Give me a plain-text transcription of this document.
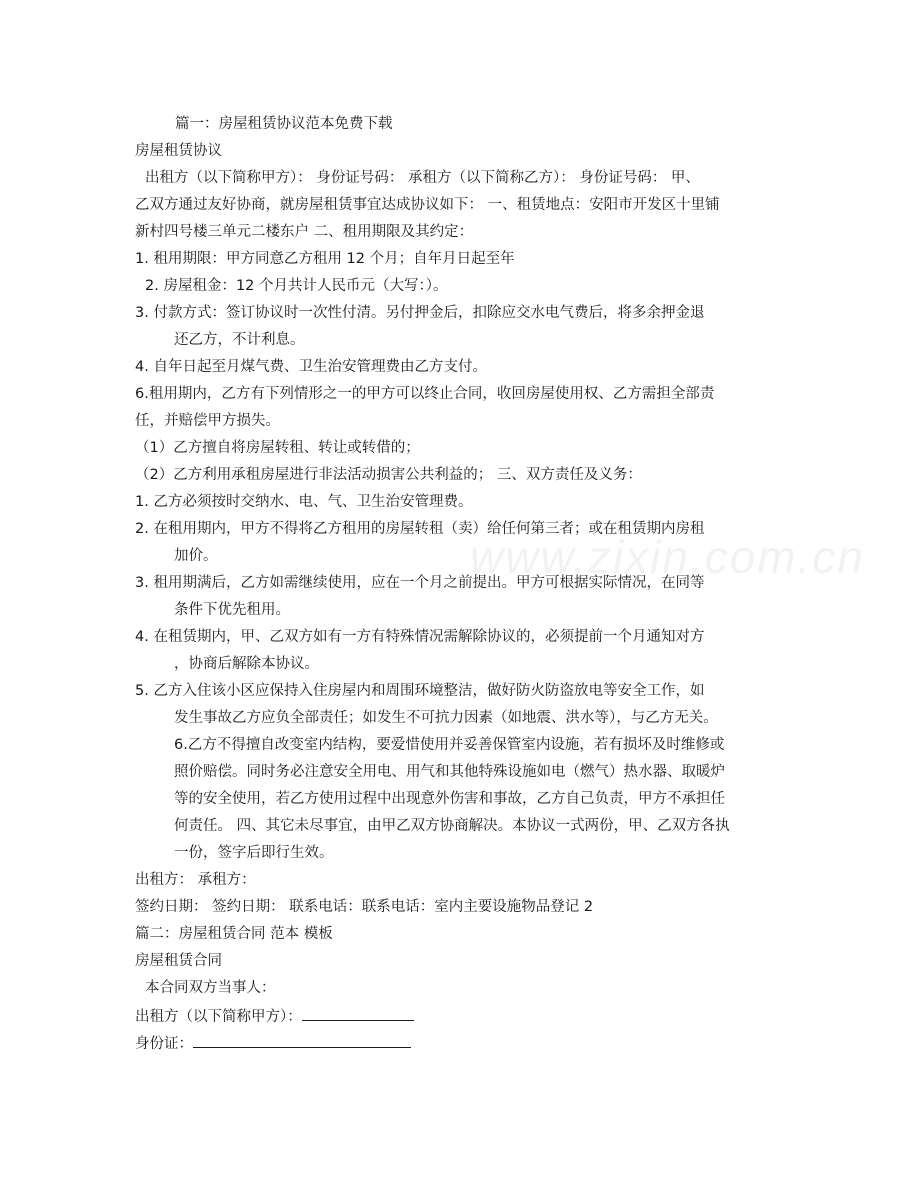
www.zixin.com.cn
篇一：房屋租赁协议范本免费下载
房屋租赁协议
出租方（以下简称甲方）： 身份证号码： 承租方（以下简称乙方）： 身份证号码： 甲、
乙双方通过友好协商，就房屋租赁事宜达成协议如下： 一、租赁地点：安阳市开发区十里铺
新村四号楼三单元二楼东户 二、租用期限及其约定：
1. 租用期限：甲方同意乙方租用 12 个月；自年月日起至年
2. 房屋租金：12 个月共计人民币元（大写：）。
3. 付款方式：签订协议时一次性付清。另付押金后，扣除应交水电气费后，将多余押金退
还乙方，不计利息。
4. 自年日起至月煤气费、卫生治安管理费由乙方支付。
6.租用期内，乙方有下列情形之一的甲方可以终止合同，收回房屋使用权、乙方需担全部责
任，并赔偿甲方损失。
（1）乙方擅自将房屋转租、转让或转借的；
（2）乙方利用承租房屋进行非法活动损害公共利益的； 三、双方责任及义务：
1. 乙方必须按时交纳水、电、气、卫生治安管理费。
2. 在租用期内，甲方不得将乙方租用的房屋转租（卖）给任何第三者；或在租赁期内房租
加价。
3. 租用期满后，乙方如需继续使用，应在一个月之前提出。甲方可根据实际情况，在同等
条件下优先租用。
4. 在租赁期内，甲、乙双方如有一方有特殊情况需解除协议的，必须提前一个月通知对方
，协商后解除本协议。
5. 乙方入住该小区应保持入住房屋内和周围环境整洁，做好防火防盗放电等安全工作，如
发生事故乙方应负全部责任；如发生不可抗力因素（如地震、洪水等），与乙方无关。
6.乙方不得擅自改变室内结构，要爱惜使用并妥善保管室内设施，若有损坏及时维修或
照价赔偿。同时务必注意安全用电、用气和其他特殊设施如电（燃气）热水器、取暖炉
等的安全使用，若乙方使用过程中出现意外伤害和事故，乙方自己负责，甲方不承担任
何责任。 四、其它未尽事宜，由甲乙双方协商解决。本协议一式两份，甲、乙双方各执
一份，签字后即行生效。
出租方： 承租方：
签约日期： 签约日期： 联系电话：联系电话：室内主要设施物品登记 2
篇二：房屋租赁合同 范本 模板
房屋租赁合同
本合同双方当事人：
出租方（以下简称甲方）：
身份证：
